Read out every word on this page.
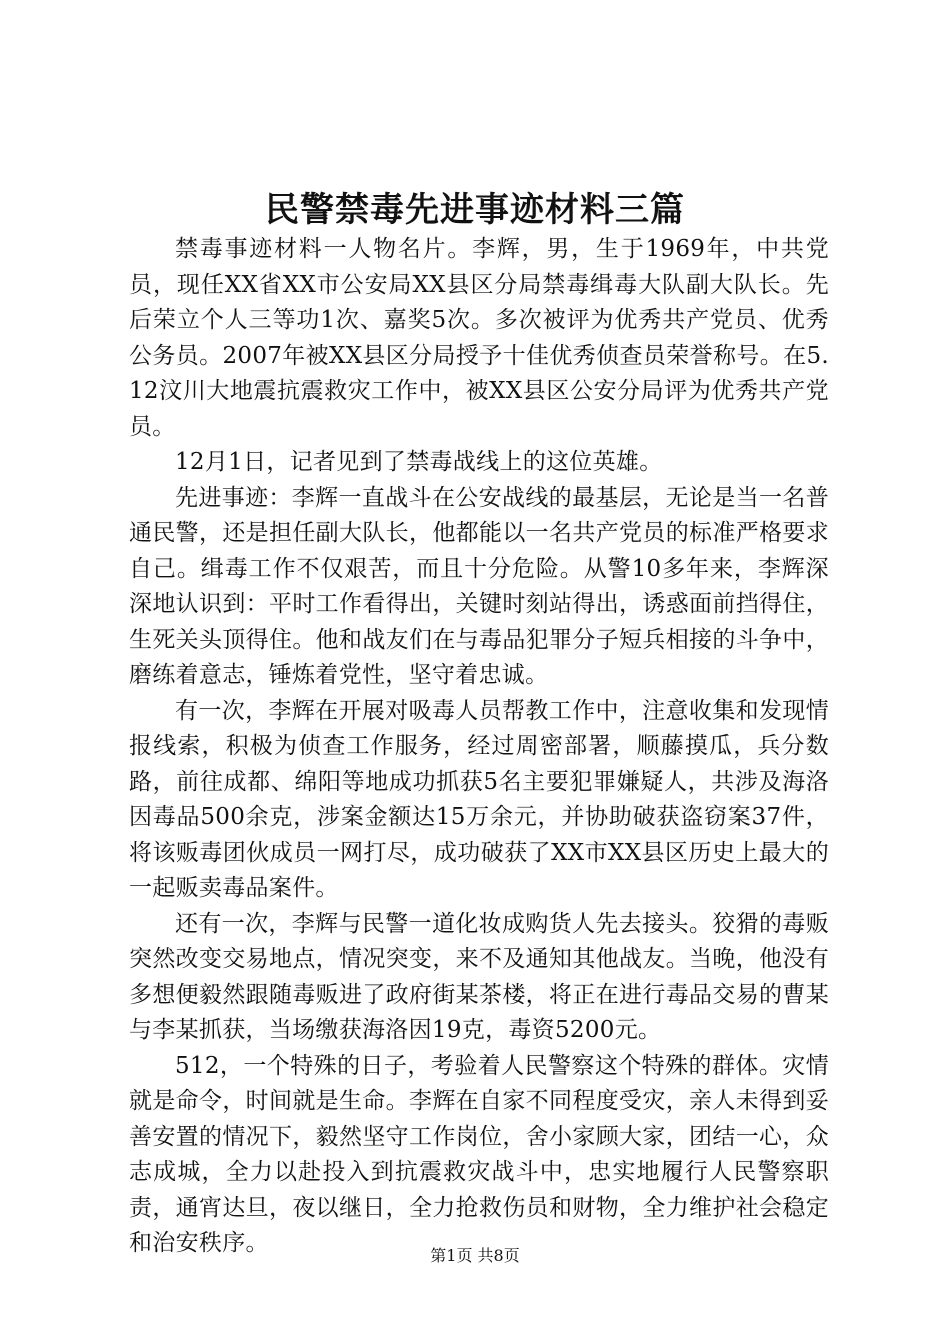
民警禁毒先进事迹材料三篇

禁毒事迹材料一人物名片。李辉，男，生于1969年，中共党员，现任XX省XX市公安局XX县区分局禁毒缉毒大队副大队长。先后荣立个人三等功1次、嘉奖5次。多次被评为优秀共产党员、优秀公务员。2007年被XX县区分局授予十佳优秀侦查员荣誉称号。在5.12汶川大地震抗震救灾工作中，被XX县区公安分局评为优秀共产党员。

12月1日，记者见到了禁毒战线上的这位英雄。

先进事迹：李辉一直战斗在公安战线的最基层，无论是当一名普通民警，还是担任副大队长，他都能以一名共产党员的标准严格要求自己。缉毒工作不仅艰苦，而且十分危险。从警10多年来，李辉深深地认识到：平时工作看得出，关键时刻站得出，诱惑面前挡得住，生死关头顶得住。他和战友们在与毒品犯罪分子短兵相接的斗争中，磨练着意志，锤炼着党性，坚守着忠诚。

有一次，李辉在开展对吸毒人员帮教工作中，注意收集和发现情报线索，积极为侦查工作服务，经过周密部署，顺藤摸瓜，兵分数路，前往成都、绵阳等地成功抓获5名主要犯罪嫌疑人，共涉及海洛因毒品500余克，涉案金额达15万余元，并协助破获盗窃案37件，将该贩毒团伙成员一网打尽，成功破获了XX市XX县区历史上最大的一起贩卖毒品案件。

还有一次，李辉与民警一道化妆成购货人先去接头。狡猾的毒贩突然改变交易地点，情况突变，来不及通知其他战友。当晚，他没有多想便毅然跟随毒贩进了政府街某茶楼，将正在进行毒品交易的曹某与李某抓获，当场缴获海洛因19克，毒资5200元。

512，一个特殊的日子，考验着人民警察这个特殊的群体。灾情就是命令，时间就是生命。李辉在自家不同程度受灾，亲人未得到妥善安置的情况下，毅然坚守工作岗位，舍小家顾大家，团结一心，众志成城，全力以赴投入到抗震救灾战斗中，忠实地履行人民警察职责，通宵达旦，夜以继日，全力抢救伤员和财物，全力维护社会稳定和治安秩序。	第1页 共8页
